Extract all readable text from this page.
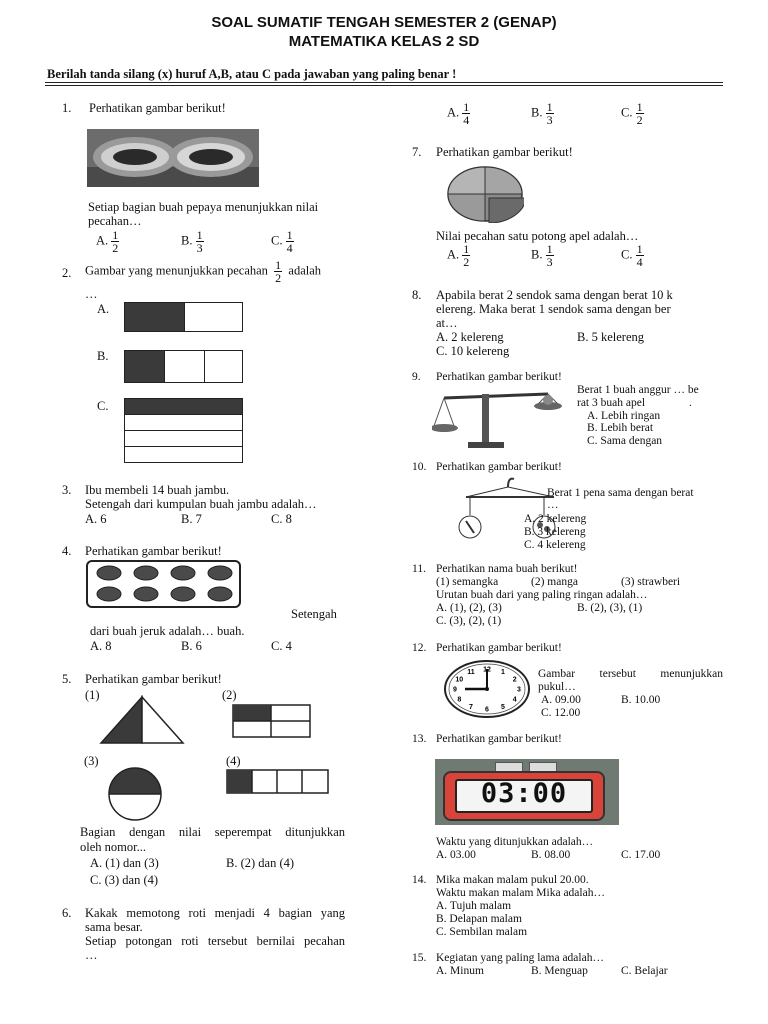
SOAL SUMATIF TENGAH SEMESTER 2 (GENAP)
MATEMATIKA KELAS 2 SD
Berilah tanda silang (x) huruf A,B, atau C pada jawaban yang paling benar !
1. Perhatikan gambar berikut!
Setiap bagian buah pepaya menunjukkan nilai
pecahan…
A. $\frac{1}{2}$	B. $\frac{1}{3}$	C. $\frac{1}{4}$
2. Gambar yang menunjukkan pecahan $\frac{1}{2}$ adalah
…
A.
B.
C.
3. Ibu membeli 14 buah jambu.
Setengah dari kumpulan buah jambu adalah…
A. 6	B. 7	C. 8
4. Perhatikan gambar berikut!
Setengah
dari buah jeruk adalah… buah.
A. 8	B. 6	C. 4
5. Perhatikan gambar berikut!
(1)	(2)
(3)	(4)
Bagian dengan nilai seperempat ditunjukkan
oleh nomor...
A. (1) dan (3)	B. (2) dan (4)
C. (3) dan (4)
6. Kakak memotong roti menjadi 4 bagian yang
sama besar.
Setiap potongan roti tersebut bernilai pecahan
…
A. $\frac{1}{4}$	B. $\frac{1}{3}$	C. $\frac{1}{2}$
7. Perhatikan gambar berikut!
Nilai pecahan satu potong apel adalah…
A. $\frac{1}{2}$	B. $\frac{1}{3}$	C. $\frac{1}{4}$
8. Apabila berat 2 sendok sama dengan berat 10 k
elereng. Maka berat 1 sendok sama dengan ber
at…
A. 2 kelereng	B. 5 kelereng
C. 10 kelereng
9. Perhatikan gambar berikut!
Berat 1 buah anggur … be
rat 3 buah apel	.
A. Lebih ringan
B. Lebih berat
C. Sama dengan
10. Perhatikan gambar berikut!
Berat 1 pena sama dengan berat
…
A. 2 kelereng
B. 3 kelereng
C. 4 kelereng
11. Perhatikan nama buah berikut!
(1) semangka	(2) manga	(3) strawberi
Urutan buah dari yang paling ringan adalah…
A. (1), (2), (3)	B. (2), (3), (1)
C. (3), (2), (1)
12. Perhatikan gambar berikut!
12 1
2
3
4
5
6
7
8
9
10
11	Gambar tersebut menunjukkan
pukul…
A. 09.00	B. 10.00
C. 12.00
13. Perhatikan gambar berikut!
03:00
Waktu yang ditunjukkan adalah…
A. 03.00	B. 08.00	C. 17.00
14. Mika makan malam pukul 20.00.
Waktu makan malam Mika adalah…
A. Tujuh malam
B. Delapan malam
C. Sembilan malam
15. Kegiatan yang paling lama adalah…
A. Minum	B. Menguap	C. Belajar
